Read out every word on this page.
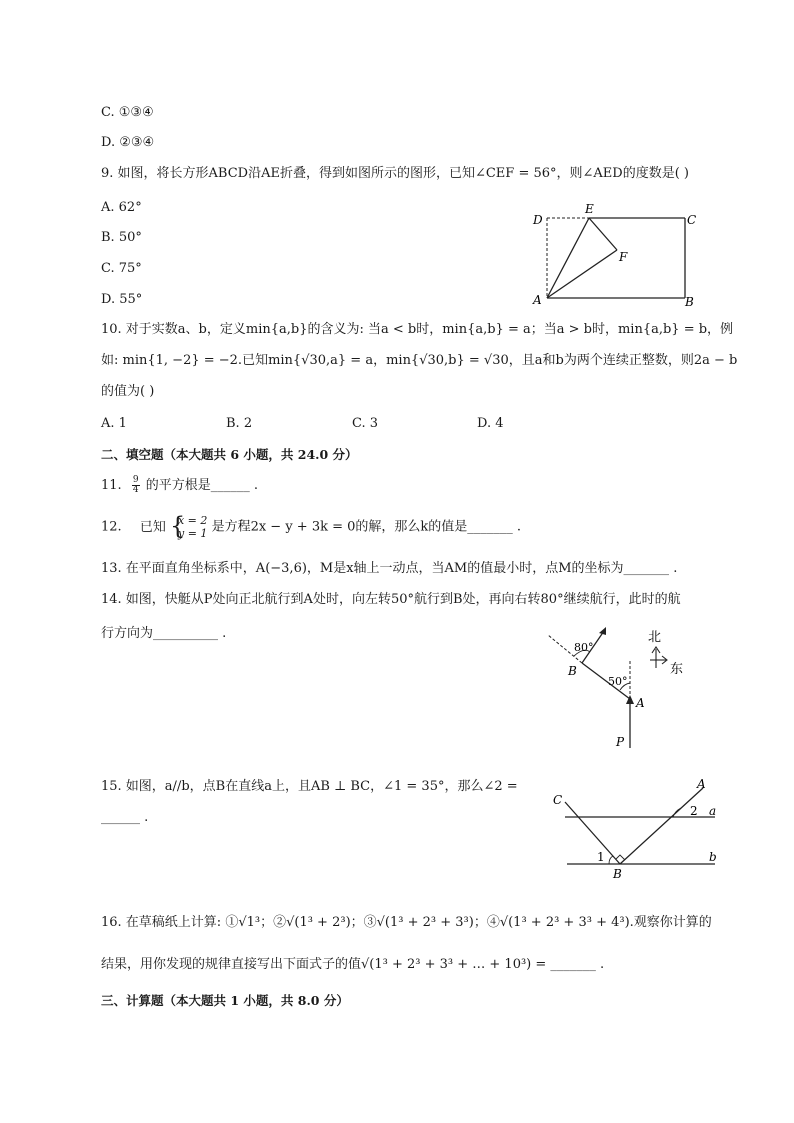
C. ①③④
D. ②③④
9. 如图，将长方形ABCD沿AE折叠，得到如图所示的图形，已知∠CEF = 56°，则∠AED的度数是( )
A. 62°
B. 50°
C. 75°
D. 55°
D
E
C
F
A	B
10. 对于实数a、b，定义min{a,b}的含义为: 当a < b时，min{a,b} = a；当a > b时，min{a,b} = b，例
如: min{1, −2} = −2.已知min{√30,a} = a，min{√30,b} = √30，且a和b为两个连续正整数，则2a − b
的值为( )
A. 1	B. 2	C. 3	D. 4
二、填空题（本大题共 6 小题，共 24.0 分）
11. $\frac{9}{4}$ 的平方根是______ .
12. 已知 {
x = 2
y = 1 是方程2x − y + 3k = 0的解，那么k的值是_______ .
13. 在平面直角坐标系中，A(−3,6)，M是x轴上一动点，当AM的值最小时，点M的坐标为_______ .
14. 如图，快艇从P处向正北航行到A处时，向左转50°航行到B处，再向右转80°继续航行，此时的航
行方向为__________ .
80°
50°
B
A
P
北
东
15. 如图，a//b，点B在直线a上，且AB ⊥ BC，∠1 = 35°，那么∠2 =
______ .
C
A
a
b
1
2
B
16. 在草稿纸上计算: ①√1³；②√(1³ + 2³)；③√(1³ + 2³ + 3³)；④√(1³ + 2³ + 3³ + 4³).观察你计算的
结果，用你发现的规律直接写出下面式子的值√(1³ + 2³ + 3³ + … + 10³) = _______ .
三、计算题（本大题共 1 小题，共 8.0 分）
